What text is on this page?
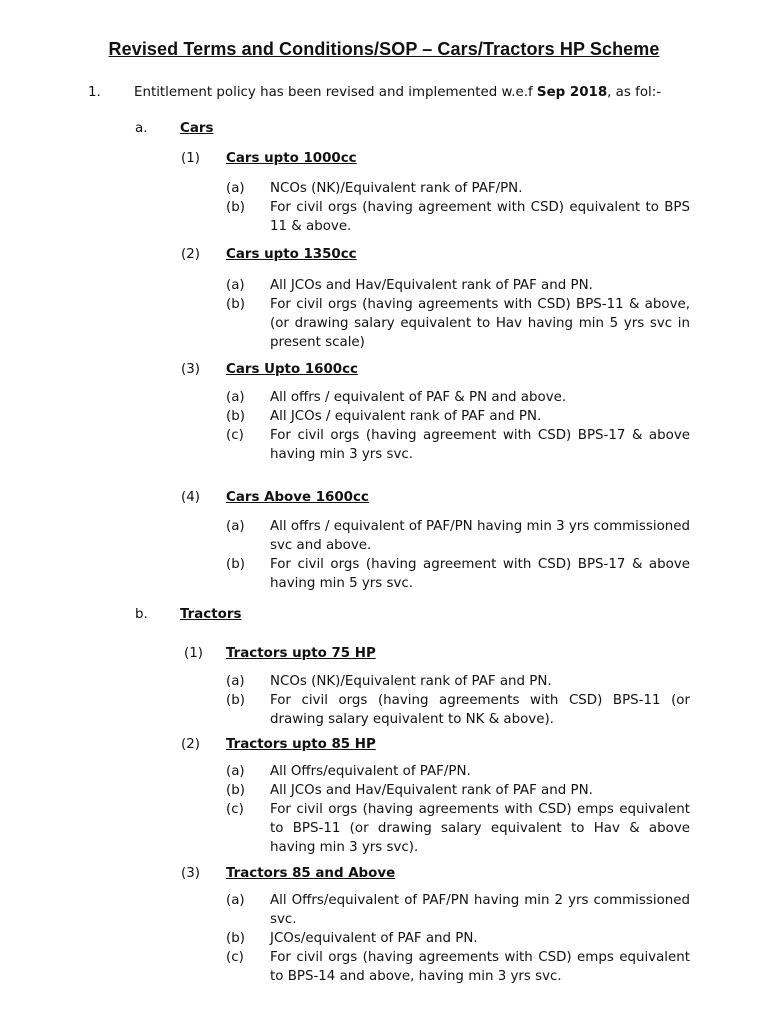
Revised Terms and Conditions/SOP – Cars/Tractors HP Scheme
1. Entitlement policy has been revised and implemented w.e.f Sep 2018, as fol:-
a. Cars
(1) Cars upto 1000cc
(a) NCOs (NK)/Equivalent rank of PAF/PN.
(b) For civil orgs (having agreement with CSD) equivalent to BPS 11 & above.
(2) Cars upto 1350cc
(a) All JCOs and Hav/Equivalent rank of PAF and PN.
(b) For civil orgs (having agreements with CSD) BPS-11 & above, (or drawing salary equivalent to Hav having min 5 yrs svc in present scale)
(3) Cars Upto 1600cc
(a) All offrs / equivalent of PAF & PN and above.
(b) All JCOs / equivalent rank of PAF and PN.
(c) For civil orgs (having agreement with CSD) BPS-17 & above having min 3 yrs svc.
(4) Cars Above 1600cc
(a) All offrs / equivalent of PAF/PN having min 3 yrs commissioned svc and above.
(b) For civil orgs (having agreement with CSD) BPS-17 & above having min 5 yrs svc.
b. Tractors
(1) Tractors upto 75 HP
(a) NCOs (NK)/Equivalent rank of PAF and PN.
(b) For civil orgs (having agreements with CSD) BPS-11 (or drawing salary equivalent to NK & above).
(2) Tractors upto 85 HP
(a) All Offrs/equivalent of PAF/PN.
(b) All JCOs and Hav/Equivalent rank of PAF and PN.
(c) For civil orgs (having agreements with CSD) emps equivalent to BPS-11 (or drawing salary equivalent to Hav & above having min 3 yrs svc).
(3) Tractors 85 and Above
(a) All Offrs/equivalent of PAF/PN having min 2 yrs commissioned svc.
(b) JCOs/equivalent of PAF and PN.
(c) For civil orgs (having agreements with CSD) emps equivalent to BPS-14 and above, having min 3 yrs svc.
